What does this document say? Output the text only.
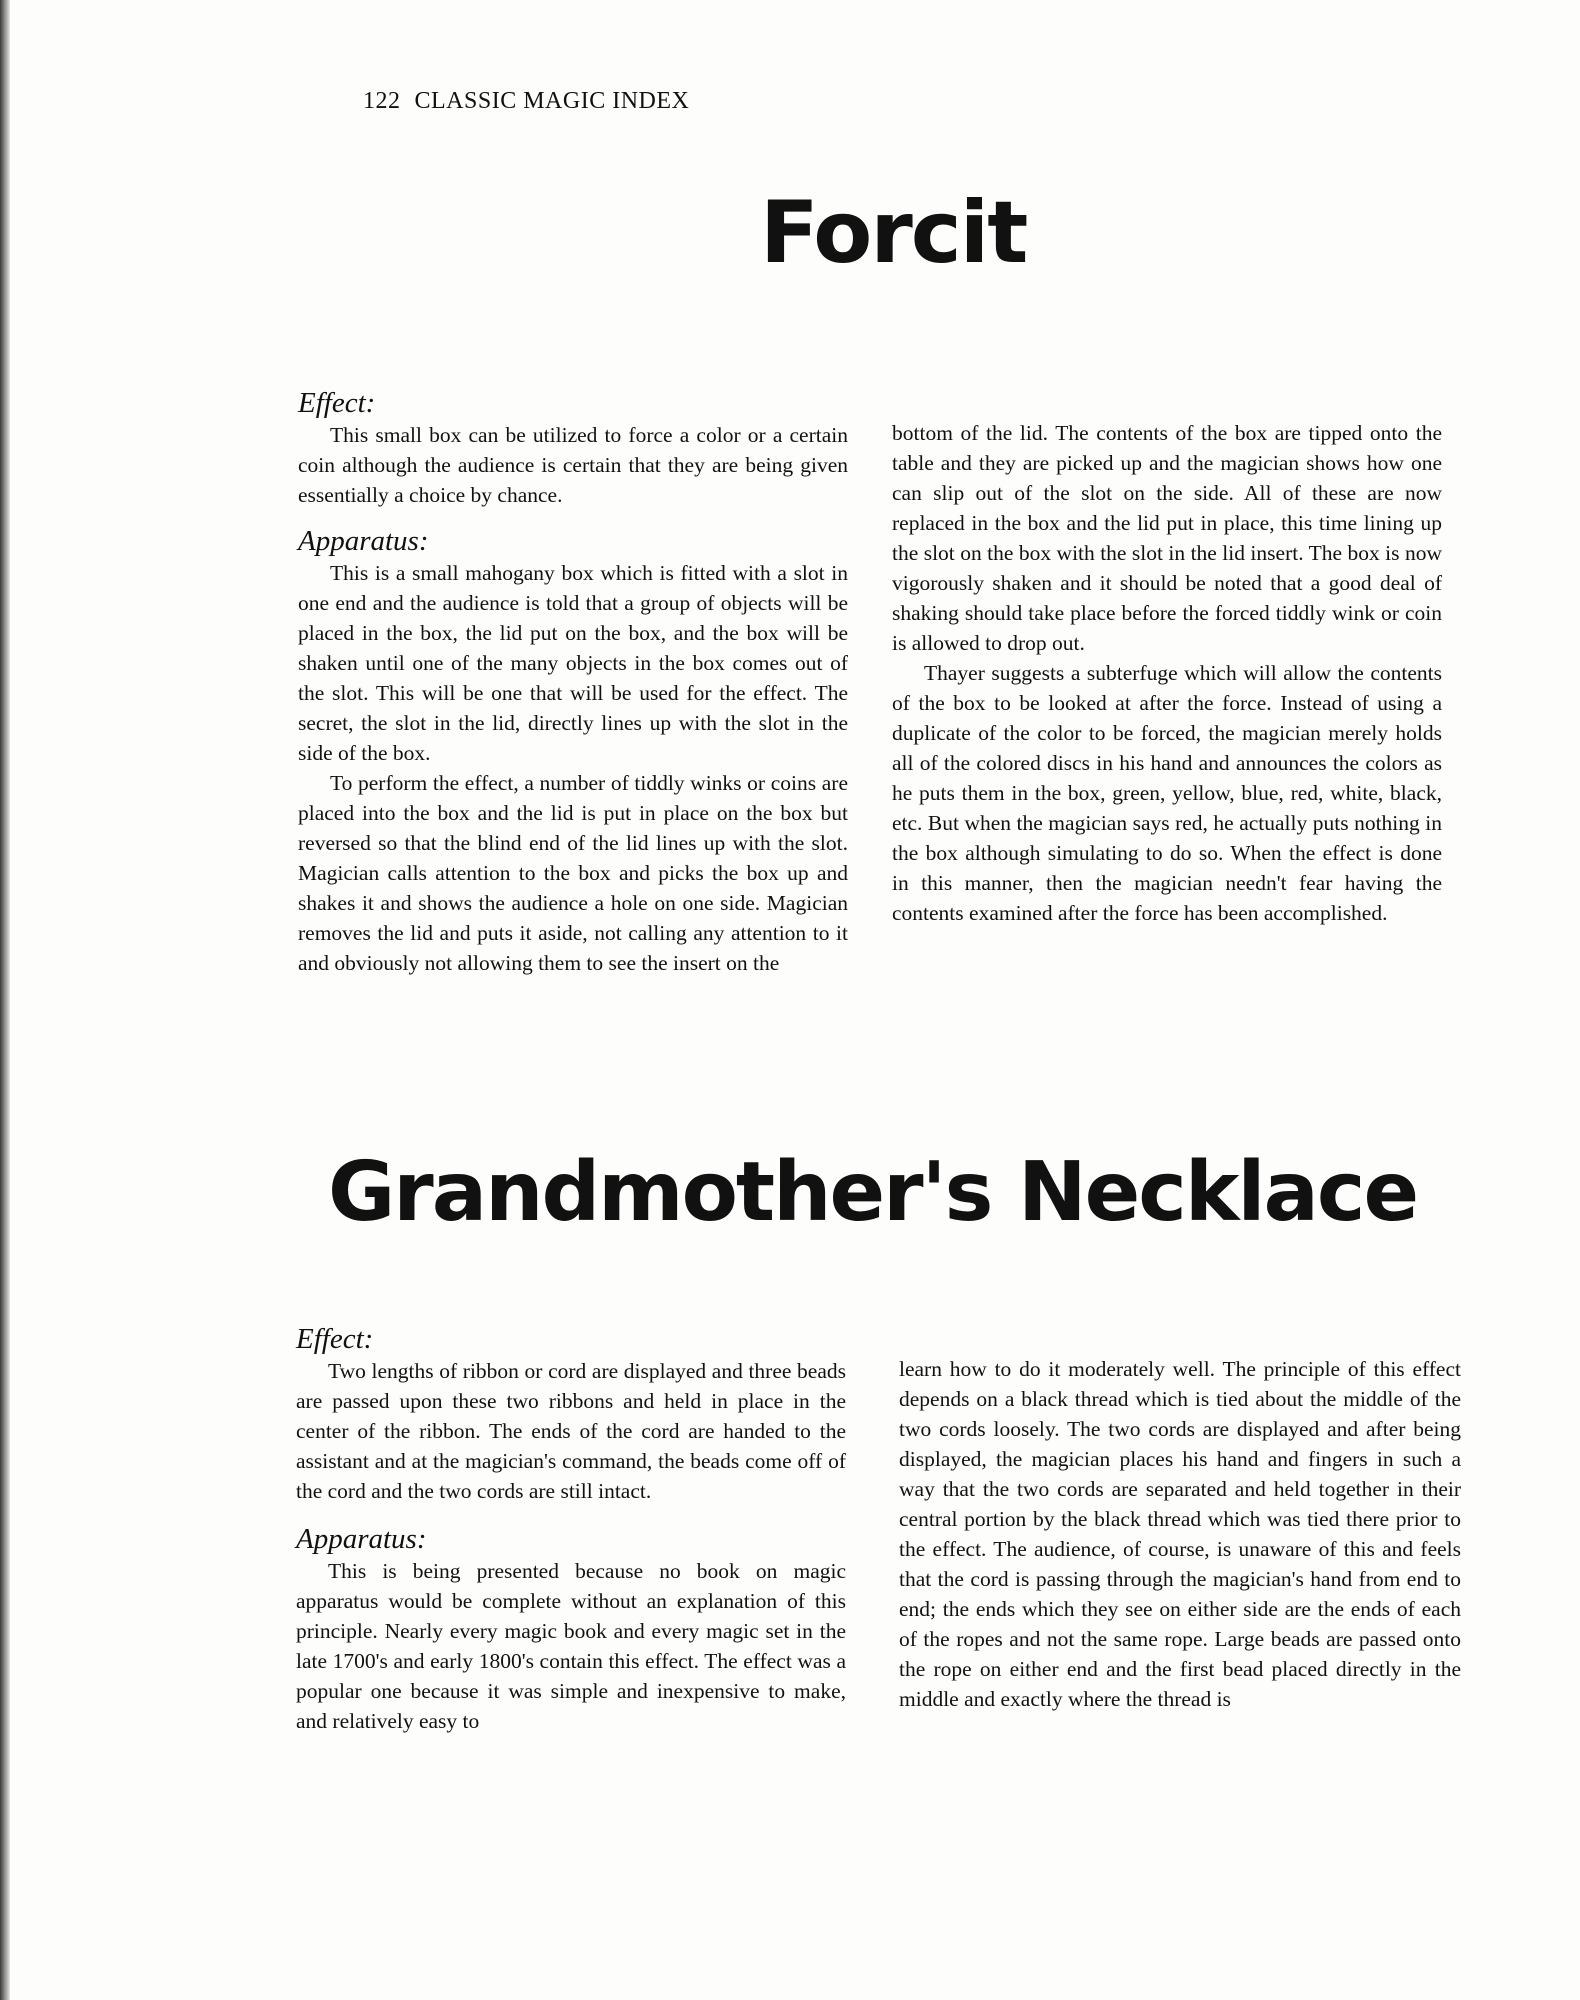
122 CLASSIC MAGIC INDEX
Forcit
Effect:

This small box can be utilized to force a color or a certain coin although the audience is certain that they are being given essentially a choice by chance.

Apparatus:

This is a small mahogany box which is fitted with a slot in one end and the audience is told that a group of objects will be placed in the box, the lid put on the box, and the box will be shaken until one of the many objects in the box comes out of the slot. This will be one that will be used for the effect. The secret, the slot in the lid, directly lines up with the slot in the side of the box.

To perform the effect, a number of tiddly winks or coins are placed into the box and the lid is put in place on the box but reversed so that the blind end of the lid lines up with the slot. Magician calls attention to the box and picks the box up and shakes it and shows the audience a hole on one side. Magician removes the lid and puts it aside, not calling any attention to it and obviously not allowing them to see the insert on the

bottom of the lid. The contents of the box are tipped onto the table and they are picked up and the magician shows how one can slip out of the slot on the side. All of these are now replaced in the box and the lid put in place, this time lining up the slot on the box with the slot in the lid insert. The box is now vigorously shaken and it should be noted that a good deal of shaking should take place before the forced tiddly wink or coin is allowed to drop out.

Thayer suggests a subterfuge which will allow the contents of the box to be looked at after the force. Instead of using a duplicate of the color to be forced, the magician merely holds all of the colored discs in his hand and announces the colors as he puts them in the box, green, yellow, blue, red, white, black, etc. But when the magician says red, he actually puts nothing in the box although simulating to do so. When the effect is done in this manner, then the magician needn't fear having the contents examined after the force has been accomplished.

Grandmother's Necklace
Effect:

Two lengths of ribbon or cord are displayed and three beads are passed upon these two ribbons and held in place in the center of the ribbon. The ends of the cord are handed to the assistant and at the magician's command, the beads come off of the cord and the two cords are still intact.

Apparatus:

This is being presented because no book on magic apparatus would be complete without an explanation of this principle. Nearly every magic book and every magic set in the late 1700's and early 1800's contain this effect. The effect was a popular one because it was simple and inexpensive to make, and relatively easy to

learn how to do it moderately well. The principle of this effect depends on a black thread which is tied about the middle of the two cords loosely. The two cords are displayed and after being displayed, the magician places his hand and fingers in such a way that the two cords are separated and held together in their central portion by the black thread which was tied there prior to the effect. The audience, of course, is unaware of this and feels that the cord is passing through the magician's hand from end to end; the ends which they see on either side are the ends of each of the ropes and not the same rope. Large beads are passed onto the rope on either end and the first bead placed directly in the middle and exactly where the thread is
